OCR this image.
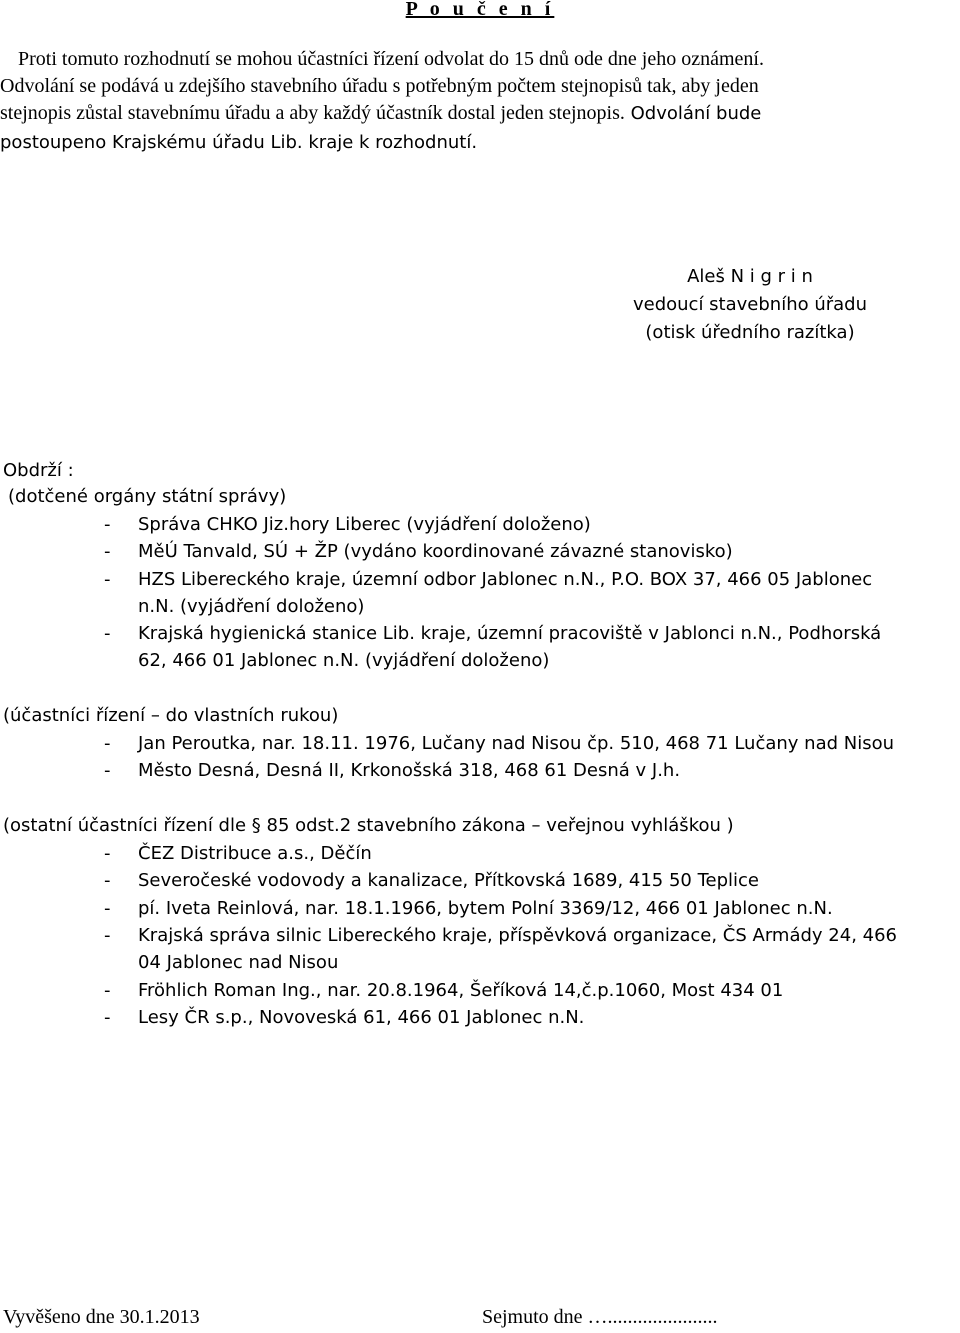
P o u č e n í
Proti tomuto rozhodnutí se mohou účastníci řízení odvolat do 15 dnů ode dne jeho oznámení.
Odvolání se podává u zdejšího stavebního úřadu s potřebným počtem stejnopisů tak, aby jeden
stejnopis zůstal stavebnímu úřadu a aby každý účastník dostal jeden stejnopis. Odvolání bude
postoupeno Krajskému úřadu Lib. kraje k rozhodnutí.
Aleš N i g r i n
vedoucí stavebního úřadu
(otisk úředního razítka)
Obdrží :
(dotčené orgány státní správy)
- Správa CHKO Jiz.hory Liberec (vyjádření doloženo)
- MěÚ Tanvald, SÚ + ŽP (vydáno koordinované závazné stanovisko)
- HZS Libereckého kraje, územní odbor Jablonec n.N., P.O. BOX 37, 466 05 Jablonec
n.N. (vyjádření doloženo)
- Krajská hygienická stanice Lib. kraje, územní pracoviště v Jablonci n.N., Podhorská
62, 466 01 Jablonec n.N. (vyjádření doloženo)
(účastníci řízení – do vlastních rukou)
- Jan Peroutka, nar. 18.11. 1976, Lučany nad Nisou čp. 510, 468 71 Lučany nad Nisou
- Město Desná, Desná II, Krkonošská 318, 468 61 Desná v J.h.
(ostatní účastníci řízení dle § 85 odst.2 stavebního zákona – veřejnou vyhláškou )
- ČEZ Distribuce a.s., Děčín
- Severočeské vodovody a kanalizace, Přítkovská 1689, 415 50 Teplice
- pí. Iveta Reinlová, nar. 18.1.1966, bytem Polní 3369/12, 466 01 Jablonec n.N.
- Krajská správa silnic Libereckého kraje, příspěvková organizace, ČS Armády 24, 466
04 Jablonec nad Nisou
- Fröhlich Roman Ing., nar. 20.8.1964, Šeříková 14,č.p.1060, Most 434 01
- Lesy ČR s.p., Novoveská 61, 466 01 Jablonec n.N.
Vyvěšeno dne 30.1.2013	Sejmuto dne …......................
